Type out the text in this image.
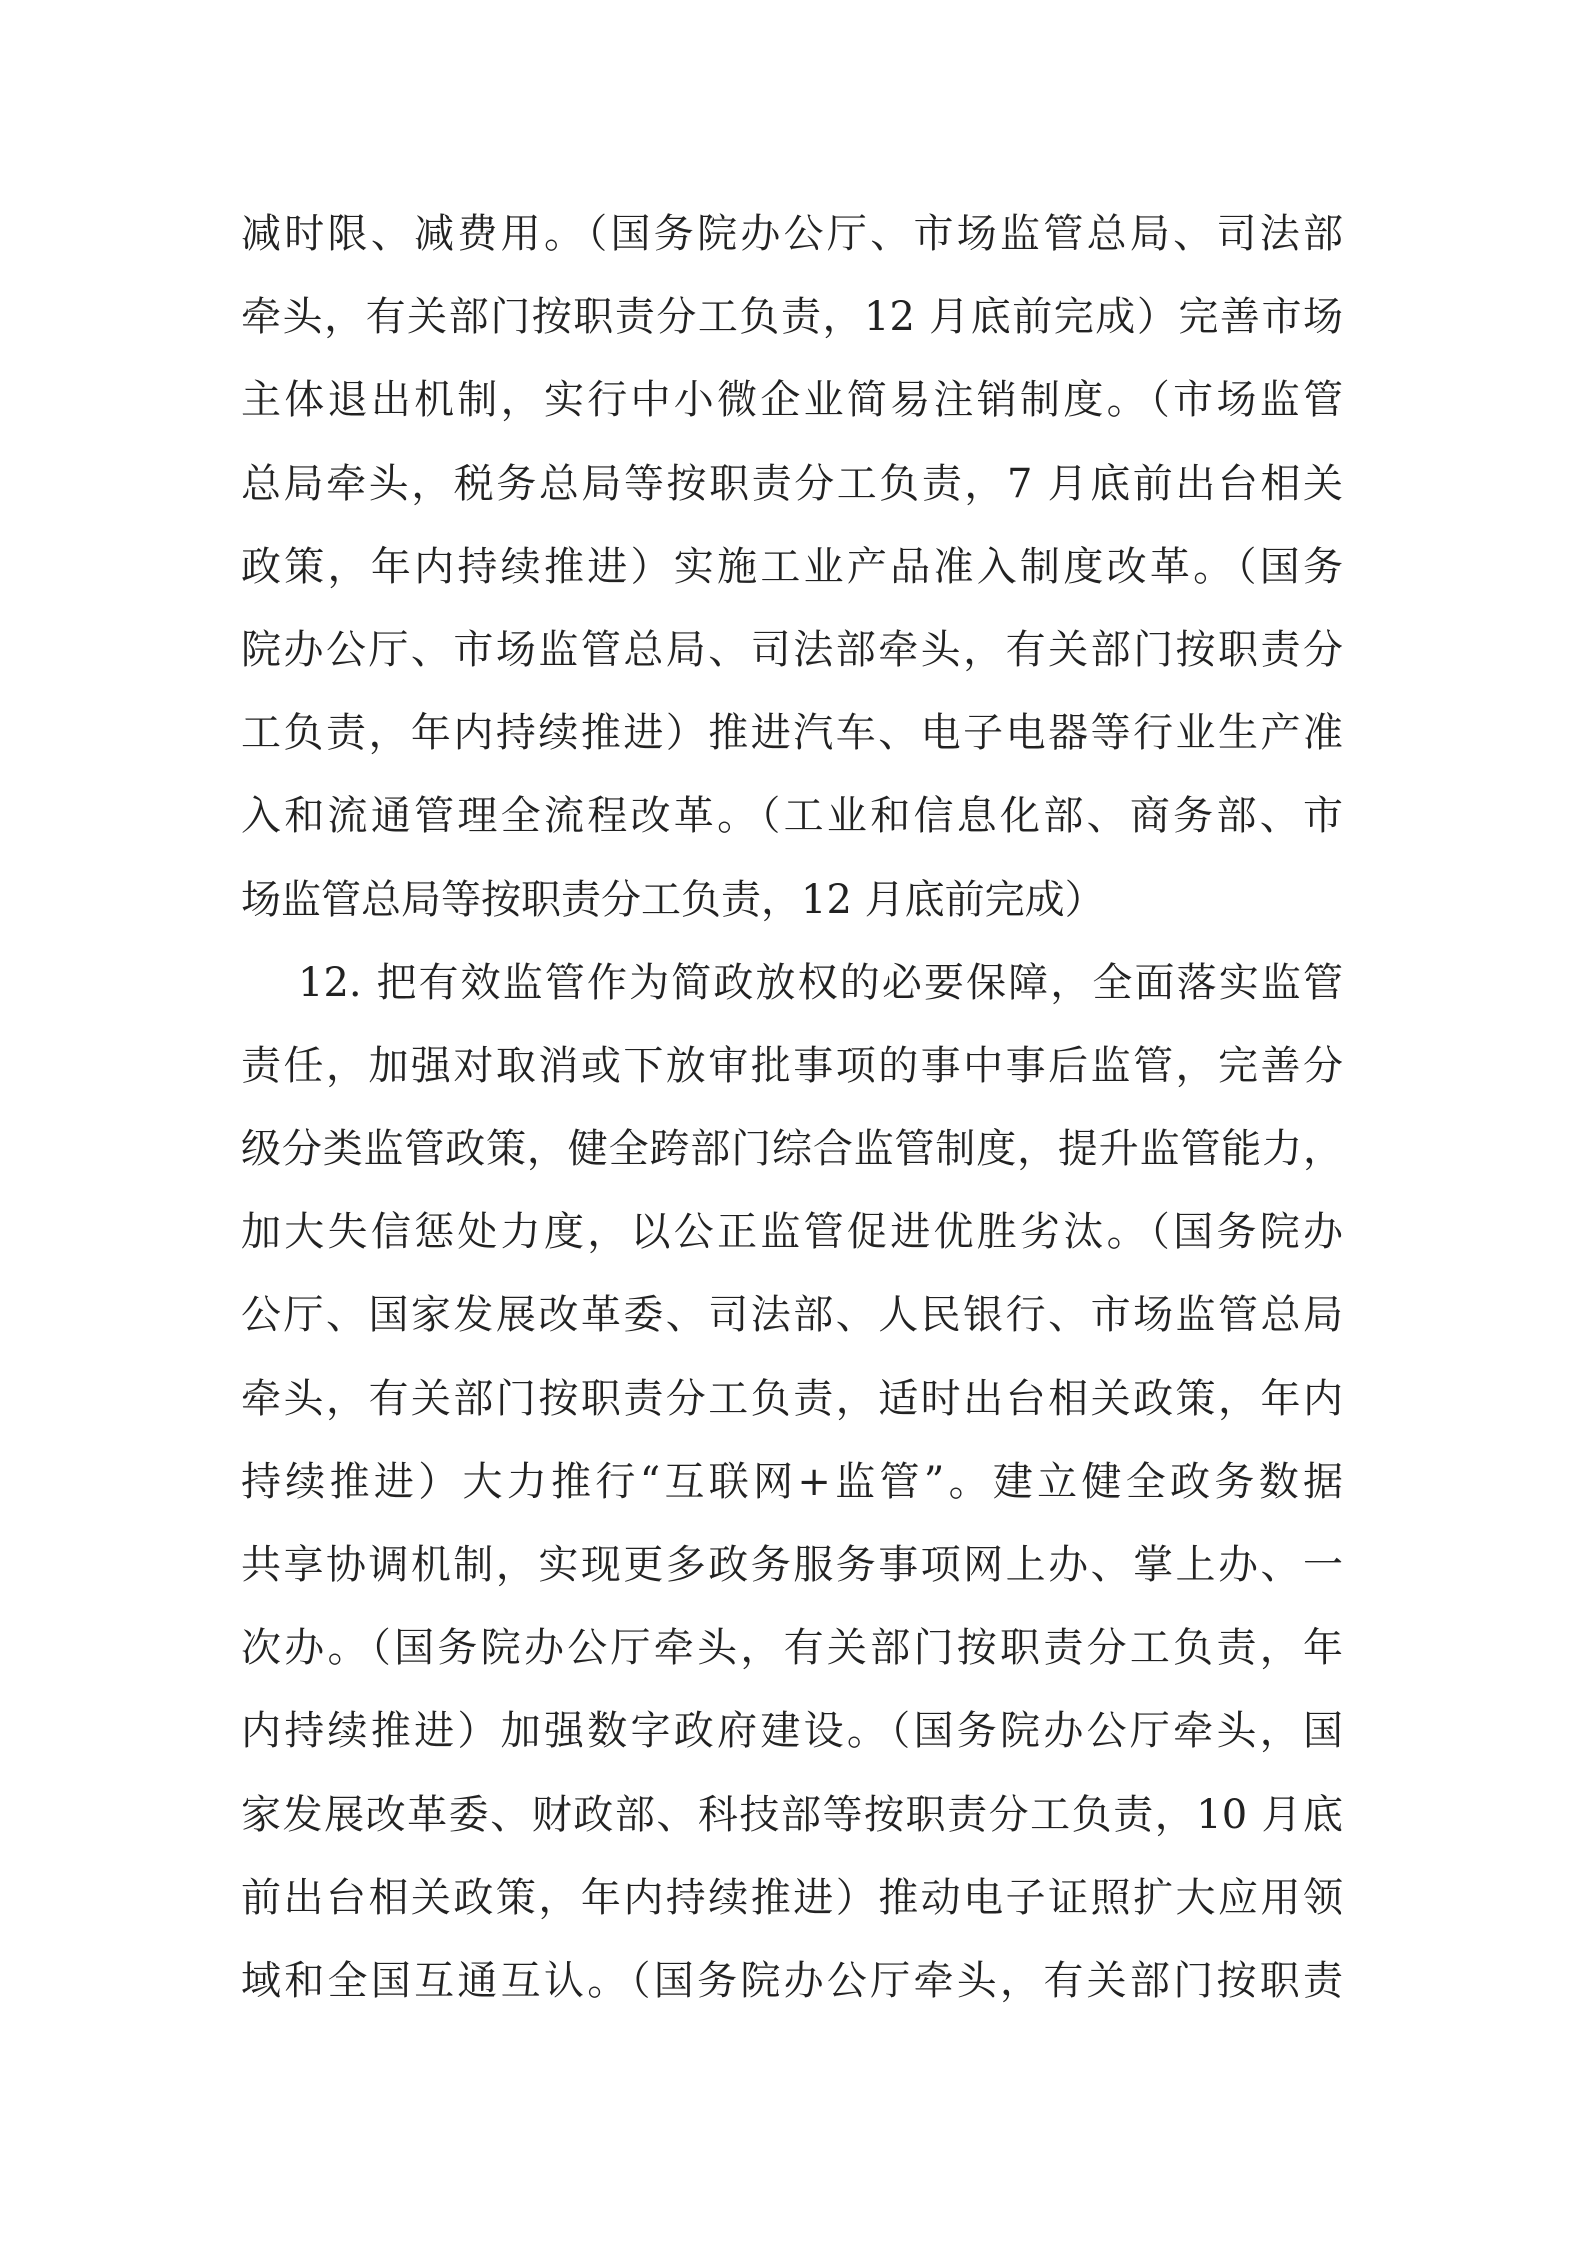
减时限、减费用。（国务院办公厅、市场监管总局、司法部
牵头，有关部门按职责分工负责，12 月底前完成）完善市场
主体退出机制，实行中小微企业简易注销制度。（市场监管
总局牵头，税务总局等按职责分工负责，7 月底前出台相关
政策，年内持续推进）实施工业产品准入制度改革。（国务
院办公厅、市场监管总局、司法部牵头，有关部门按职责分
工负责，年内持续推进）推进汽车、电子电器等行业生产准
入和流通管理全流程改革。（工业和信息化部、商务部、市
场监管总局等按职责分工负责，12 月底前完成）
12. 把有效监管作为简政放权的必要保障，全面落实监管
责任，加强对取消或下放审批事项的事中事后监管，完善分
级分类监管政策，健全跨部门综合监管制度，提升监管能力，
加大失信惩处力度，以公正监管促进优胜劣汰。（国务院办
公厅、国家发展改革委、司法部、人民银行、市场监管总局
牵头，有关部门按职责分工负责，适时出台相关政策，年内
持续推进）大力推行“互联网+监管”。建立健全政务数据
共享协调机制，实现更多政务服务事项网上办、掌上办、一
次办。（国务院办公厅牵头，有关部门按职责分工负责，年
内持续推进）加强数字政府建设。（国务院办公厅牵头，国
家发展改革委、财政部、科技部等按职责分工负责，10 月底
前出台相关政策，年内持续推进）推动电子证照扩大应用领
域和全国互通互认。（国务院办公厅牵头，有关部门按职责
